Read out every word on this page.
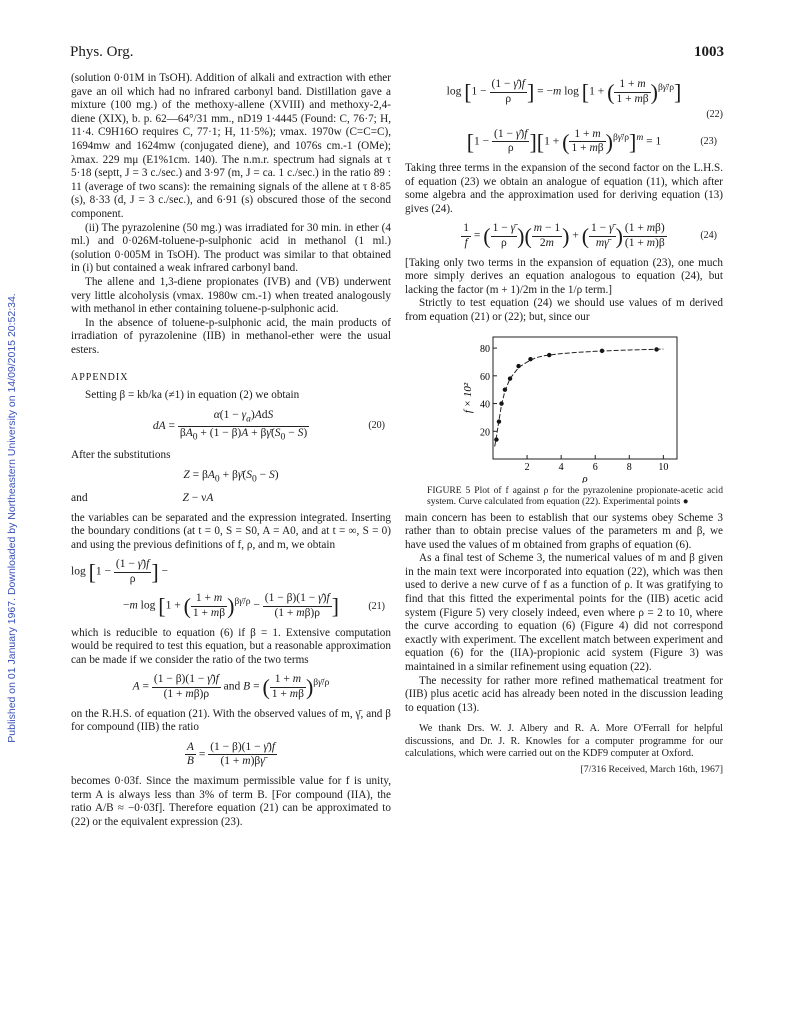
Published on 01 January 1967. Downloaded by Northeastern University on 14/09/2015 20:52:34.
Phys. Org.	1003

(solution 0·01M in TsOH). Addition of alkali and extraction with ether gave an oil which had no infrared carbonyl band. Distillation gave a mixture (100 mg.) of the methoxy-allene (XVIII) and methoxy-2,4-diene (XIX), b. p. 62—64°/31 mm., nD19 1·4445 (Found: C, 76·7; H, 11·4. C9H16O requires C, 77·1; H, 11·5%); νmax. 1970w (C=C=C), 1694mw and 1624mw (conjugated diene), and 1076s cm.-1 (OMe); λmax. 229 mμ (E1%1cm. 140). The n.m.r. spectrum had signals at τ 5·18 (septt, J = 3 c./sec.) and 3·97 (m, J = ca. 1 c./sec.) in the ratio 89 : 11 (average of two scans): the remaining signals of the allene at τ 8·85 (s), 8·33 (d, J = 3 c./sec.), and 6·91 (s) obscured those of the second component.

(ii) The pyrazolenine (50 mg.) was irradiated for 30 min. in ether (4 ml.) and 0·026M-toluene-p-sulphonic acid in methanol (1 ml.) (solution 0·005M in TsOH). The product was similar to that obtained in (i) but contained a weak infrared carbonyl band.

The allene and 1,3-diene propionates (IVB) and (VB) underwent very little alcoholysis (νmax. 1980w cm.-1) when treated analogously with methanol in ether containing toluene-p-sulphonic acid.

In the absence of toluene-p-sulphonic acid, the main products of irradiation of pyrazolenine (IIB) in methanol-ether were the usual esters.

APPENDIX

Setting β = kb/ka (≠1) in equation (2) we obtain

dA = $\frac{\alpha(1 - \gamma_a)AdS}{\beta A_0 + (1 - \beta)A + \beta\gammā(S_0 - S)}$	(20)

After the substitutions

$Z = \beta A_0$ + $\beta\gammā(S_0 - S)$
and	Z − νA

the variables can be separated and the expression integrated. Inserting the boundary conditions (at t = 0, S = S0, A = A0, and at t = ∞, S = 0) and using the previous definitions of f, ρ, and m, we obtain

$\log [1 - \frac{(1 - \gammā)f}{\rho}$ ] −
−m log [1 + ( $\frac{1 + m}{1 + m\beta} )^{\beta\gammā/\rho} - \frac{(1 - \beta)(1 - \gammā)f}{(1 + m\beta)\rho}$ ]	(21)

which is reducible to equation (6) if β = 1. Extensive computation would be required to test this equation, but a reasonable approximation can be made if we consider the ratio of the two terms

$A = \frac{(1 - \beta)(1 - \gammā)f}{(1 + m\beta)\rho}$ and B = ( $\frac{1 + m}{1 + m\beta} )^{\beta\gammā/\rho}$

on the R.H.S. of equation (21). With the observed values of m, γ̄, and β for compound (IIB) the ratio

$\frac{A}{B} = \frac{(1 - \beta)(1 - \gammā)f}{(1 + m)\beta\gammā}$

becomes 0·03f. Since the maximum permissible value for f is unity, term A is always less than 3% of term B. [For compound (IIA), the ratio A/B ≈ −0·03f]. Therefore equation (21) can be approximated to (22) or the equivalent expression (23).

$\log [1 - \frac{(1 - \gammā)f}{\rho}$ ] = −m log [1 + ( $\frac{1 + m}{1 + m\beta} )^{\beta\gammā/\rho}$]
(22)
$[1 - \frac{(1 - \gammā)f}{\rho} ][1$ + ( $\frac{1 + m}{1 + m\beta} )^{\beta\gammā/\rho}]^m = 1$	(23)

Taking three terms in the expansion of the second factor on the L.H.S. of equation (23) we obtain an analogue of equation (11), which after some algebra and the approximation used for deriving equation (13) gives (24).

$\frac{1}{f}$ = ( $\frac{1 - \gammā}{\rho}$ )( $\frac{m - 1}{2m}$ ) + ( $\frac{1 - \gammā}{m\gammā}$ ) $\frac{(1 + m\beta)}{(1 + m)\beta}$	(24)

[Taking only two terms in the expansion of equation (23), one much more simply derives an equation analogous to equation (24), but lacking the factor (m + 1)/2m in the 1/ρ term.]

Strictly to test equation (24) we should use values of m derived from equation (21) or (22); but, since our

20
40
60
80
2	4	6	8	10
f × 10²
ρ

FIGURE 5 Plot of f against ρ for the pyrazolenine propionate-acetic acid system. Curve calculated from equation (22). Experimental points ●

main concern has been to establish that our systems obey Scheme 3 rather than to obtain precise values of the parameters m and β, we have used the values of m obtained from graphs of equation (6).

As a final test of Scheme 3, the numerical values of m and β given in the main text were incorporated into equation (22), which was then used to derive a new curve of f as a function of ρ. It was gratifying to find that this fitted the experimental points for the (IIB) acetic acid system (Figure 5) very closely indeed, even where ρ = 2 to 10, where the curve according to equation (6) (Figure 4) did not correspond exactly with experiment. The excellent match between experiment and equation (6) for the (IIA)-propionic acid system (Figure 3) was maintained in a similar refinement using equation (22).

The necessity for rather more refined mathematical treatment for (IIB) plus acetic acid has already been noted in the discussion leading to equation (13).

We thank Drs. W. J. Albery and R. A. More O'Ferrall for helpful discussions, and Dr. J. R. Knowles for a computer programme for our calculations, which were carried out on the KDF9 computer at Oxford.

[7/316 Received, March 16th, 1967]
